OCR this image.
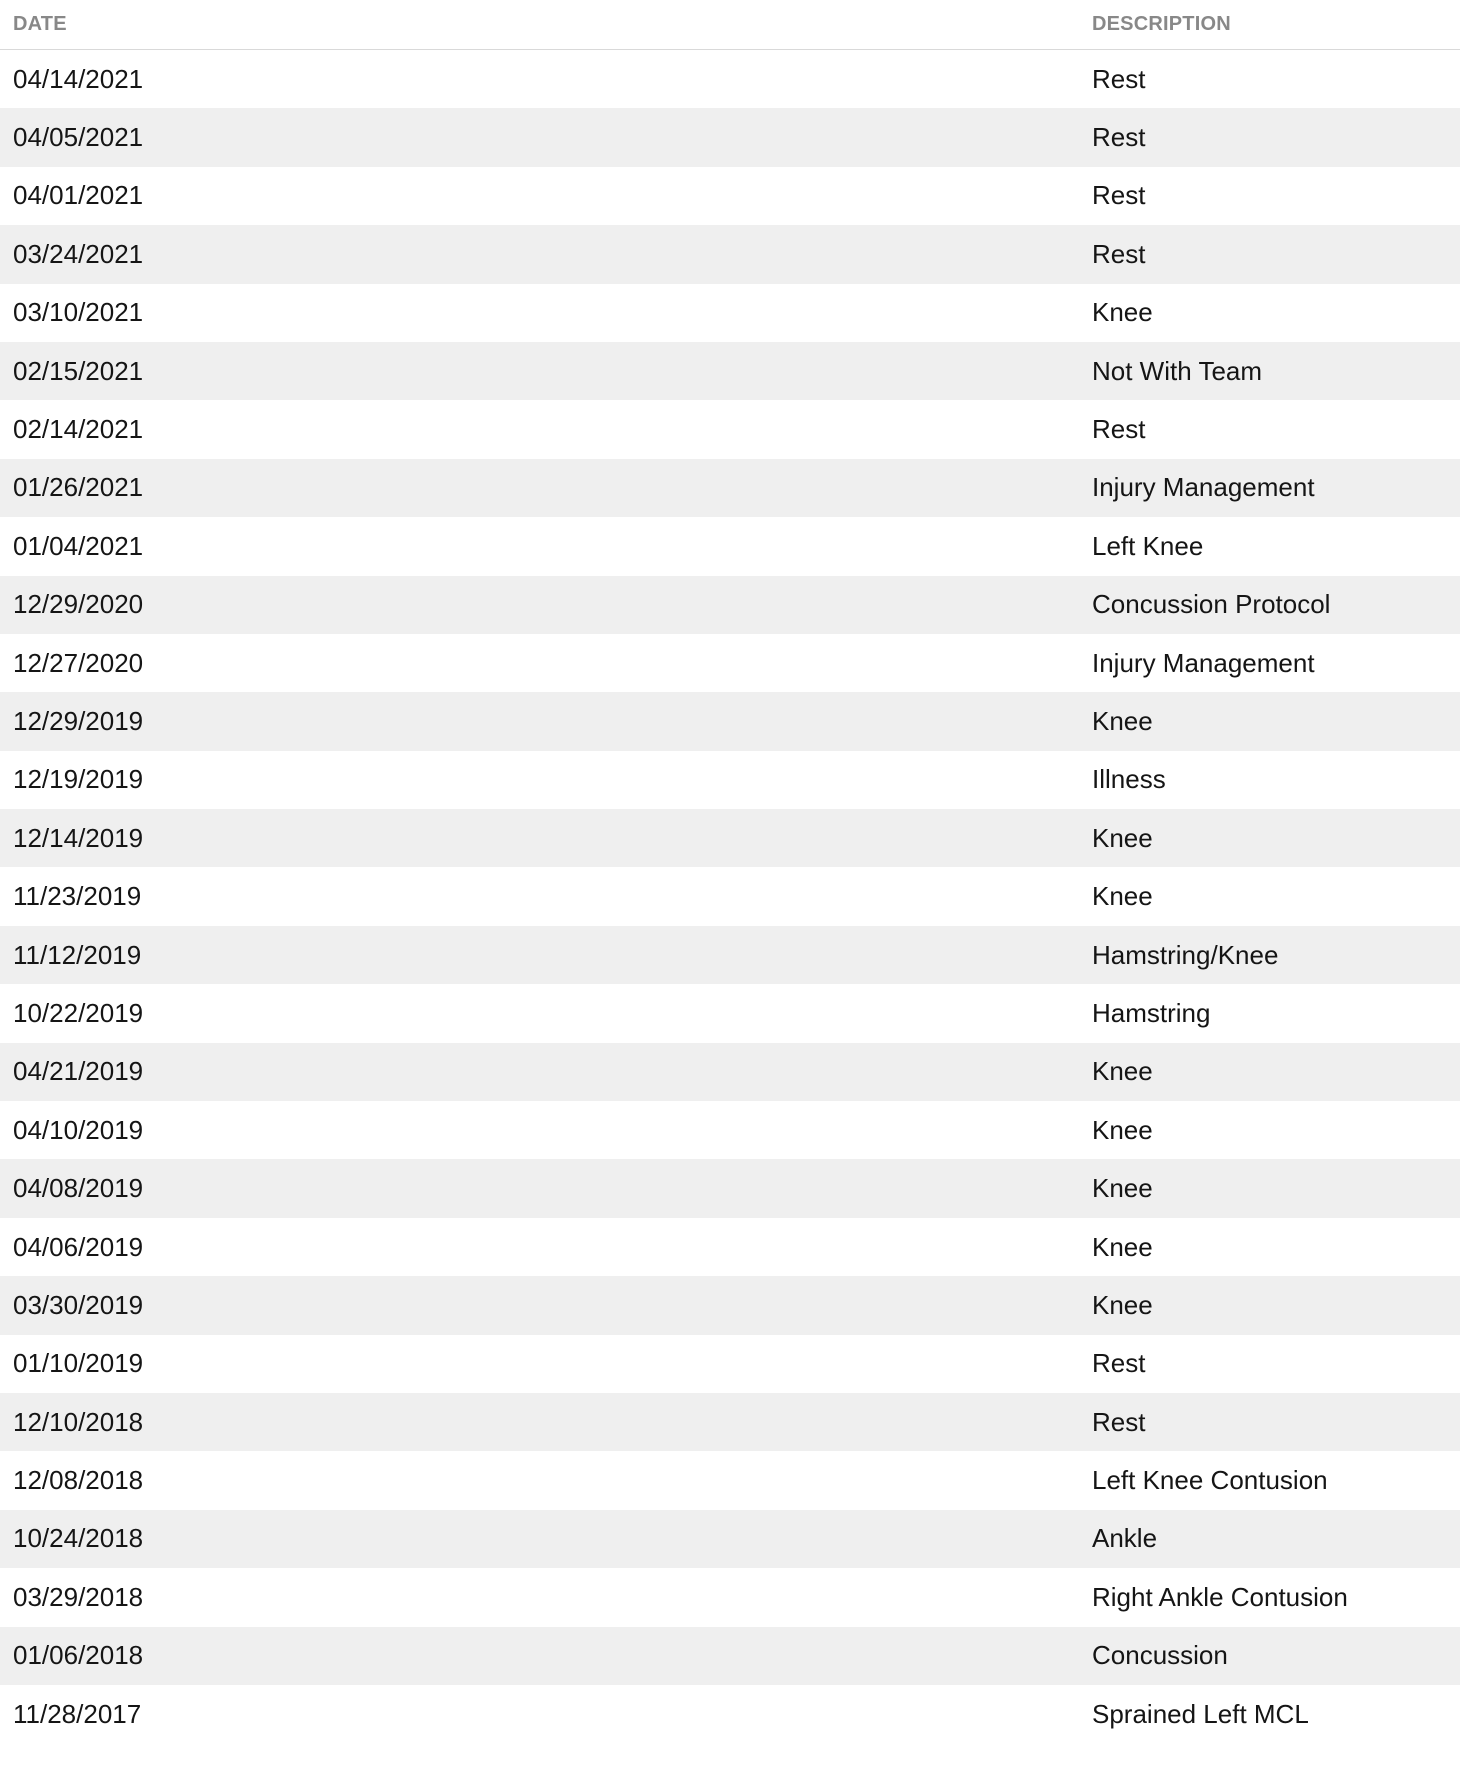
DATE	DESCRIPTION
04/14/2021	Rest
04/05/2021	Rest
04/01/2021	Rest
03/24/2021	Rest
03/10/2021	Knee
02/15/2021	Not With Team
02/14/2021	Rest
01/26/2021	Injury Management
01/04/2021	Left Knee
12/29/2020	Concussion Protocol
12/27/2020	Injury Management
12/29/2019	Knee
12/19/2019	Illness
12/14/2019	Knee
11/23/2019	Knee
11/12/2019	Hamstring/Knee
10/22/2019	Hamstring
04/21/2019	Knee
04/10/2019	Knee
04/08/2019	Knee
04/06/2019	Knee
03/30/2019	Knee
01/10/2019	Rest
12/10/2018	Rest
12/08/2018	Left Knee Contusion
10/24/2018	Ankle
03/29/2018	Right Ankle Contusion
01/06/2018	Concussion
11/28/2017	Sprained Left MCL
